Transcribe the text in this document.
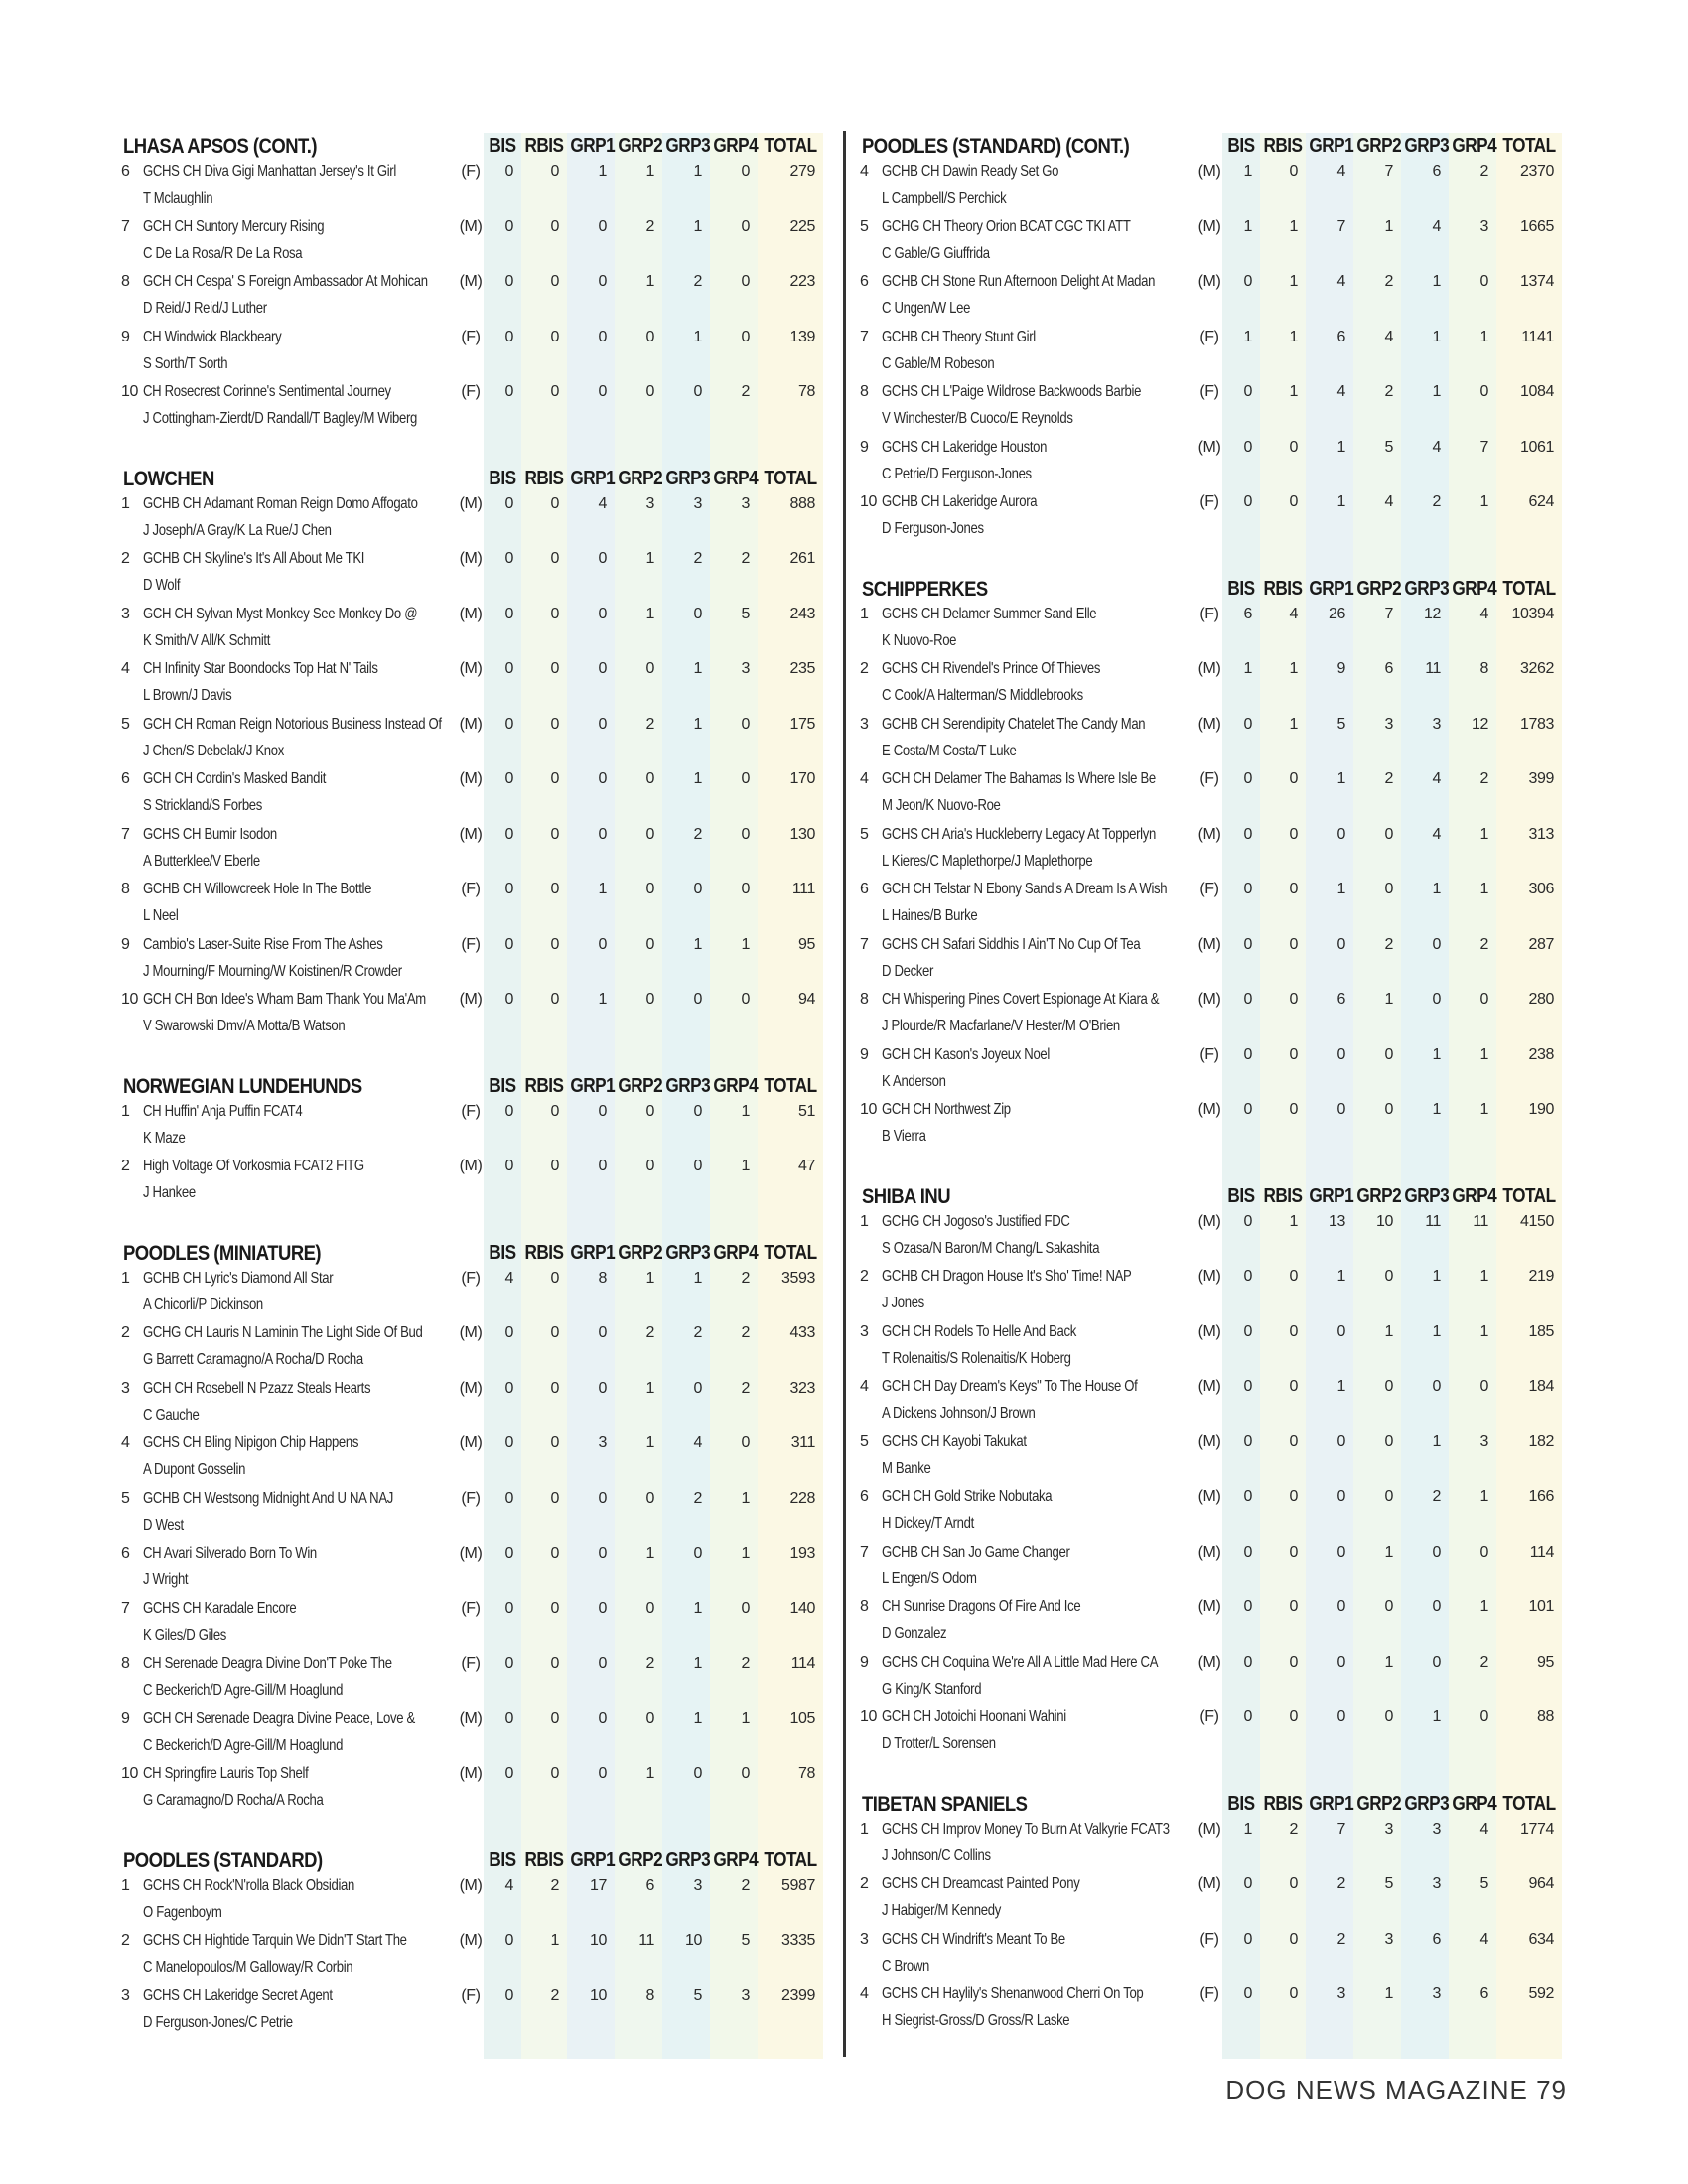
LHASA APSOS (CONT.)	BIS RBIS GRP1 GRP2 GRP3 GRP4 TOTAL
6 GCHS CH Diva Gigi Manhattan Jersey's It Girl
T Mclaughlin
(F)	0	0	1	1	1	0	279
7 GCH CH Suntory Mercury Rising
C De La Rosa/R De La Rosa
(M)	0	0	0	2	1	0	225
8 GCH CH Cespa' S Foreign Ambassador At Mohican
D Reid/J Reid/J Luther
(M)	0	0	0	1	2	0	223
9 CH Windwick Blackbeary
S Sorth/T Sorth
(F)	0	0	0	0	1	0	139
10 CH Rosecrest Corinne's Sentimental Journey
J Cottingham-Zierdt/D Randall/T Bagley/M Wiberg
(F)	0	0	0	0	0	2	78
LOWCHEN	BIS RBIS GRP1 GRP2 GRP3 GRP4 TOTAL
1 GCHB CH Adamant Roman Reign Domo Affogato
J Joseph/A Gray/K La Rue/J Chen
(M)	0	0	4	3	3	3	888
2 GCHB CH Skyline's It's All About Me TKI
D Wolf
(M)	0	0	0	1	2	2	261
3 GCH CH Sylvan Myst Monkey See Monkey Do @
K Smith/V All/K Schmitt
(M)	0	0	0	1	0	5	243
4 CH Infinity Star Boondocks Top Hat N' Tails
L Brown/J Davis
(M)	0	0	0	0	1	3	235
5 GCH CH Roman Reign Notorious Business Instead Of
J Chen/S Debelak/J Knox
(M)	0	0	0	2	1	0	175
6 GCH CH Cordin's Masked Bandit
S Strickland/S Forbes
(M)	0	0	0	0	1	0	170
7 GCHS CH Bumir Isodon
A Butterklee/V Eberle
(M)	0	0	0	0	2	0	130
8 GCHB CH Willowcreek Hole In The Bottle
L Neel
(F)	0	0	1	0	0	0	111
9 Cambio's Laser-Suite Rise From The Ashes
J Mourning/F Mourning/W Koistinen/R Crowder
(F)	0	0	0	0	1	1	95
10 GCH CH Bon Idee's Wham Bam Thank You Ma'Am
V Swarowski Dmv/A Motta/B Watson
(M)	0	0	1	0	0	0	94
NORWEGIAN LUNDEHUNDS	BIS RBIS GRP1 GRP2 GRP3 GRP4 TOTAL
1 CH Huffin' Anja Puffin FCAT4
K Maze
(F)	0	0	0	0	0	1	51
2 High Voltage Of Vorkosmia FCAT2 FITG
J Hankee
(M)	0	0	0	0	0	1	47
POODLES (MINIATURE)	BIS RBIS GRP1 GRP2 GRP3 GRP4 TOTAL
1 GCHB CH Lyric's Diamond All Star
A Chicorli/P Dickinson
(F)	4	0	8	1	1	2	3593
2 GCHG CH Lauris N Laminin The Light Side Of Bud
G Barrett Caramagno/A Rocha/D Rocha
(M)	0	0	0	2	2	2	433
3 GCH CH Rosebell N Pzazz Steals Hearts
C Gauche
(M)	0	0	0	1	0	2	323
4 GCHS CH Bling Nipigon Chip Happens
A Dupont Gosselin
(M)	0	0	3	1	4	0	311
5 GCHB CH Westsong Midnight And U NA NAJ
D West
(F)	0	0	0	0	2	1	228
6 CH Avari Silverado Born To Win
J Wright
(M)	0	0	0	1	0	1	193
7 GCHS CH Karadale Encore
K Giles/D Giles
(F)	0	0	0	0	1	0	140
8 CH Serenade Deagra Divine Don'T Poke The
C Beckerich/D Agre-Gill/M Hoaglund
(F)	0	0	0	2	1	2	114
9 GCH CH Serenade Deagra Divine Peace, Love &
C Beckerich/D Agre-Gill/M Hoaglund
(M)	0	0	0	0	1	1	105
10 CH Springfire Lauris Top Shelf
G Caramagno/D Rocha/A Rocha
(M)	0	0	0	1	0	0	78
POODLES (STANDARD)	BIS RBIS GRP1 GRP2 GRP3 GRP4 TOTAL
1 GCHS CH Rock'N'rolla Black Obsidian
O Fagenboym
(M)	4	2	17	6	3	2	5987
2 GCHS CH Hightide Tarquin We Didn'T Start The
C Manelopoulos/M Galloway/R Corbin
(M)	0	1	10	11	10	5	3335
3 GCHS CH Lakeridge Secret Agent
D Ferguson-Jones/C Petrie
(F)	0	2	10	8	5	3	2399
POODLES (STANDARD) (CONT.)	BIS RBIS GRP1 GRP2 GRP3 GRP4 TOTAL
4 GCHB CH Dawin Ready Set Go
L Campbell/S Perchick
(M)	1	0	4	7	6	2	2370
5 GCHG CH Theory Orion BCAT CGC TKI ATT
C Gable/G Giuffrida
(M)	1	1	7	1	4	3	1665
6 GCHB CH Stone Run Afternoon Delight At Madan
C Ungen/W Lee
(M)	0	1	4	2	1	0	1374
7 GCHB CH Theory Stunt Girl
C Gable/M Robeson
(F)	1	1	6	4	1	1	1141
8 GCHS CH L'Paige Wildrose Backwoods Barbie
V Winchester/B Cuoco/E Reynolds
(F)	0	1	4	2	1	0	1084
9 GCHS CH Lakeridge Houston
C Petrie/D Ferguson-Jones
(M)	0	0	1	5	4	7	1061
10 GCHB CH Lakeridge Aurora
D Ferguson-Jones
(F)	0	0	1	4	2	1	624
SCHIPPERKES	BIS RBIS GRP1 GRP2 GRP3 GRP4 TOTAL
1 GCHS CH Delamer Summer Sand Elle
K Nuovo-Roe
(F)	6	4	26	7	12	4	10394
2 GCHS CH Rivendel's Prince Of Thieves
C Cook/A Halterman/S Middlebrooks
(M)	1	1	9	6	11	8	3262
3 GCHB CH Serendipity Chatelet The Candy Man
E Costa/M Costa/T Luke
(M)	0	1	5	3	3	12	1783
4 GCH CH Delamer The Bahamas Is Where Isle Be
M Jeon/K Nuovo-Roe
(F)	0	0	1	2	4	2	399
5 GCHS CH Aria's Huckleberry Legacy At Topperlyn
L Kieres/C Maplethorpe/J Maplethorpe
(M)	0	0	0	0	4	1	313
6 GCH CH Telstar N Ebony Sand's A Dream Is A Wish
L Haines/B Burke
(F)	0	0	1	0	1	1	306
7 GCHS CH Safari Siddhis I Ain'T No Cup Of Tea
D Decker
(M)	0	0	0	2	0	2	287
8 CH Whispering Pines Covert Espionage At Kiara &
J Plourde/R Macfarlane/V Hester/M O'Brien
(M)	0	0	6	1	0	0	280
9 GCH CH Kason's Joyeux Noel
K Anderson
(F)	0	0	0	0	1	1	238
10 GCH CH Northwest Zip
B Vierra
(M)	0	0	0	0	1	1	190
SHIBA INU	BIS RBIS GRP1 GRP2 GRP3 GRP4 TOTAL
1 GCHG CH Jogoso's Justified FDC
S Ozasa/N Baron/M Chang/L Sakashita
(M)	0	1	13	10	11	11	4150
2 GCHB CH Dragon House It's Sho' Time! NAP
J Jones
(M)	0	0	1	0	1	1	219
3 GCH CH Rodels To Helle And Back
T Rolenaitis/S Rolenaitis/K Hoberg
(M)	0	0	0	1	1	1	185
4 GCH CH Day Dream's Keys" To The House Of
A Dickens Johnson/J Brown
(M)	0	0	1	0	0	0	184
5 GCHS CH Kayobi Takukat
M Banke
(M)	0	0	0	0	1	3	182
6 GCH CH Gold Strike Nobutaka
H Dickey/T Arndt
(M)	0	0	0	0	2	1	166
7 GCHB CH San Jo Game Changer
L Engen/S Odom
(M)	0	0	0	1	0	0	114
8 CH Sunrise Dragons Of Fire And Ice
D Gonzalez
(M)	0	0	0	0	0	1	101
9 GCHS CH Coquina We're All A Little Mad Here CA
G King/K Stanford
(M)	0	0	0	1	0	2	95
10 GCH CH Jotoichi Hoonani Wahini
D Trotter/L Sorensen
(F)	0	0	0	0	1	0	88
TIBETAN SPANIELS	BIS RBIS GRP1 GRP2 GRP3 GRP4 TOTAL
1 GCHS CH Improv Money To Burn At Valkyrie FCAT3
J Johnson/C Collins
(M)	1	2	7	3	3	4	1774
2 GCHS CH Dreamcast Painted Pony
J Habiger/M Kennedy
(M)	0	0	2	5	3	5	964
3 GCHS CH Windrift's Meant To Be
C Brown
(F)	0	0	2	3	6	4	634
4 GCHS CH Haylily's Shenanwood Cherri On Top
H Siegrist-Gross/D Gross/R Laske
(F)	0	0	3	1	3	6	592
DOG NEWS MAGAZINE 79
